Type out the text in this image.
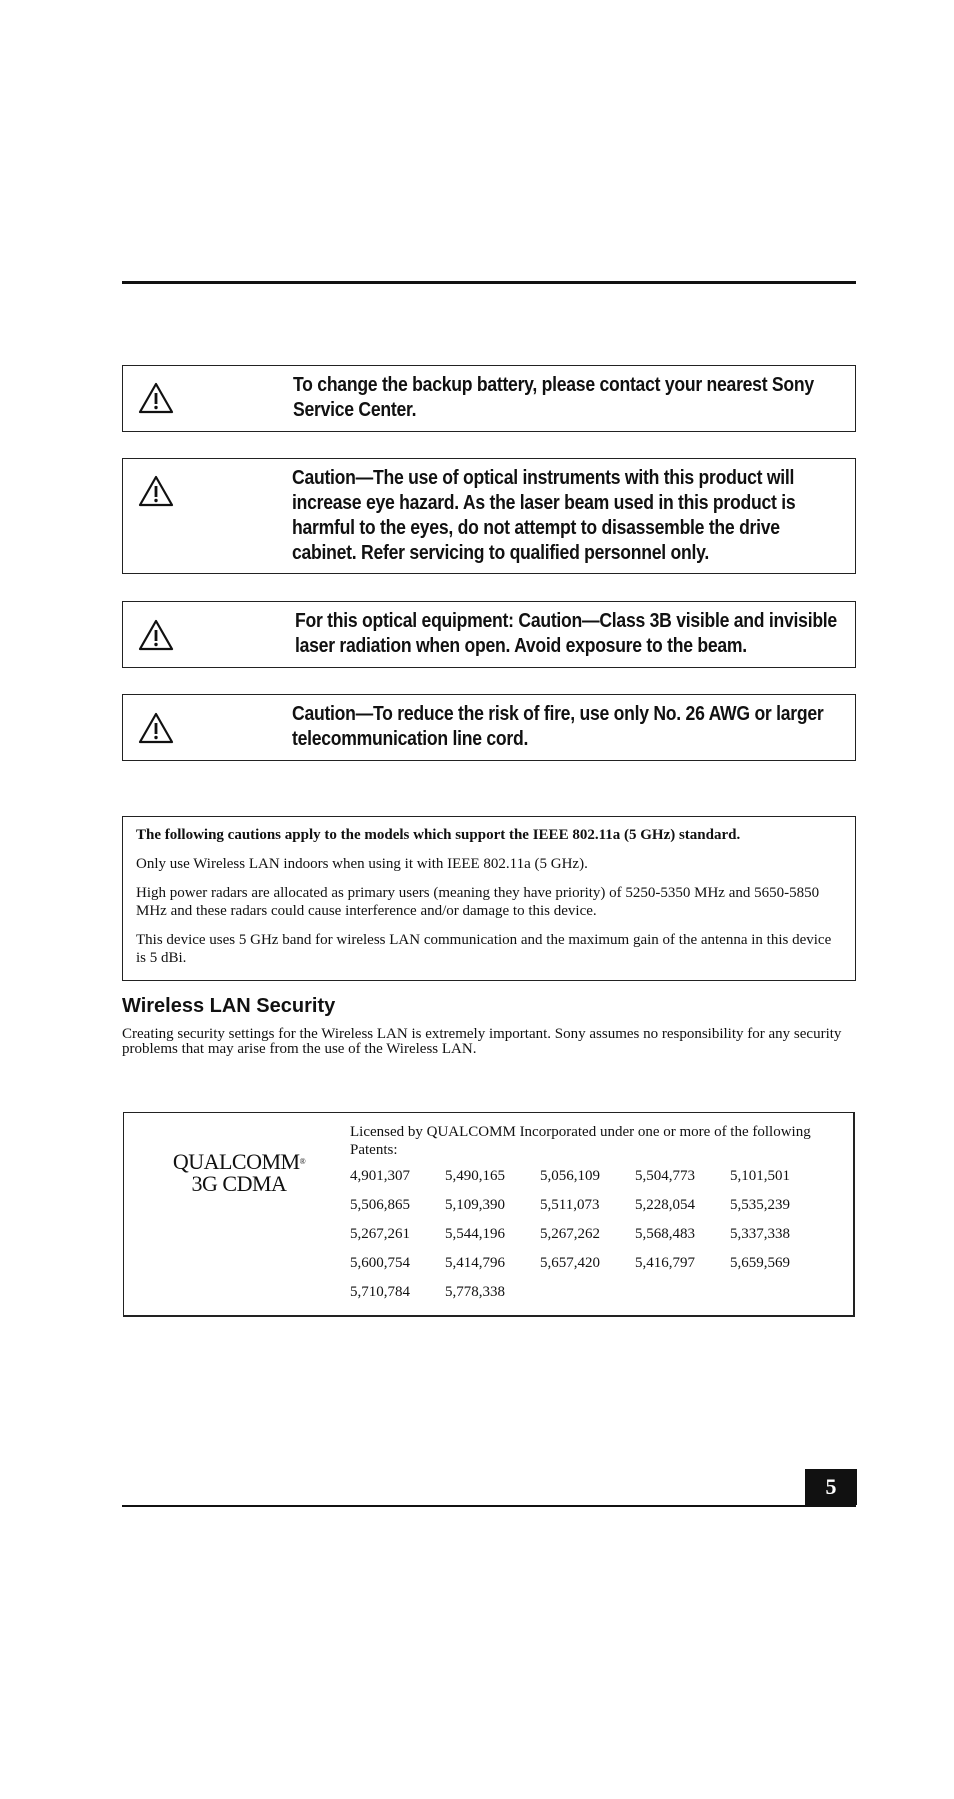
To change the backup battery, please contact your nearest Sony
Service Center.
Caution—The use of optical instruments with this product will
increase eye hazard. As the laser beam used in this product is
harmful to the eyes, do not attempt to disassemble the drive
cabinet. Refer servicing to qualified personnel only.
For this optical equipment: Caution—Class 3B visible and invisible
laser radiation when open. Avoid exposure to the beam.
Caution—To reduce the risk of fire, use only No. 26 AWG or larger
telecommunication line cord.

The following cautions apply to the models which support the IEEE 802.11a (5 GHz) standard.

Only use Wireless LAN indoors when using it with IEEE 802.11a (5 GHz).

High power radars are allocated as primary users (meaning they have priority) of 5250-5350 MHz and 5650-5850 MHz and these radars could cause interference and/or damage to this device.

This device uses 5 GHz band for wireless LAN communication and the maximum gain of the antenna in this device is 5 dBi.

Wireless LAN Security

Creating security settings for the Wireless LAN is extremely important. Sony assumes no responsibility for any security problems that may arise from the use of the Wireless LAN.

QUALCOMM®
3G CDMA
Licensed by QUALCOMM Incorporated under one or more of the following Patents:
4,901,307	5,490,165	5,056,109	5,504,773	5,101,501
5,506,865	5,109,390	5,511,073	5,228,054	5,535,239
5,267,261	5,544,196	5,267,262	5,568,483	5,337,338
5,600,754	5,414,796	5,657,420	5,416,797	5,659,569
5,710,784	5,778,338
5
